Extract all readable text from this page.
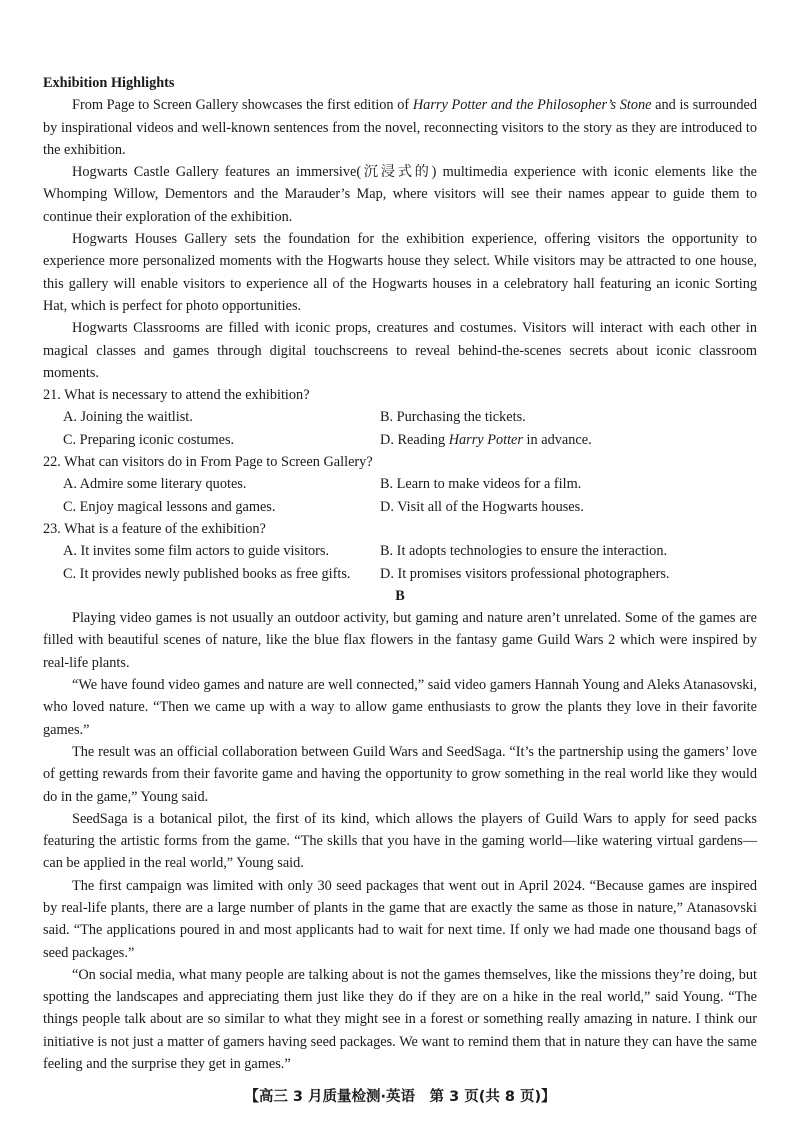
Exhibition Highlights

From Page to Screen Gallery showcases the first edition of Harry Potter and the Philosopher’s Stone and is surrounded by inspirational videos and well-known sentences from the novel, reconnecting visitors to the story as they are introduced to the exhibition.

Hogwarts Castle Gallery features an immersive(沉浸式的) multimedia experience with iconic elements like the Whomping Willow, Dementors and the Marauder’s Map, where visitors will see their names appear to guide them to continue their exploration of the exhibition.

Hogwarts Houses Gallery sets the foundation for the exhibition experience, offering visitors the opportunity to experience more personalized moments with the Hogwarts house they select. While visitors may be attracted to one house, this gallery will enable visitors to experience all of the Hogwarts houses in a celebratory hall featuring an iconic Sorting Hat, which is perfect for photo opportunities.

Hogwarts Classrooms are filled with iconic props, creatures and costumes. Visitors will interact with each other in magical classes and games through digital touchscreens to reveal behind-the-scenes secrets about iconic classroom moments.

21. What is necessary to attend the exhibition?

A. Joining the waitlist.	B. Purchasing the tickets.
C. Preparing iconic costumes.	D. Reading Harry Potter in advance.

22. What can visitors do in From Page to Screen Gallery?

A. Admire some literary quotes.	B. Learn to make videos for a film.
C. Enjoy magical lessons and games.	D. Visit all of the Hogwarts houses.

23. What is a feature of the exhibition?

A. It invites some film actors to guide visitors.	B. It adopts technologies to ensure the interaction.
C. It provides newly published books as free gifts.	D. It promises visitors professional photographers.

B

Playing video games is not usually an outdoor activity, but gaming and nature aren’t unrelated. Some of the games are filled with beautiful scenes of nature, like the blue flax flowers in the fantasy game Guild Wars 2 which were inspired by real-life plants.

“We have found video games and nature are well connected,” said video gamers Hannah Young and Aleks Atanasovski, who loved nature. “Then we came up with a way to allow game enthusiasts to grow the plants they love in their favorite games.”

The result was an official collaboration between Guild Wars and SeedSaga. “It’s the partnership using the gamers’ love of getting rewards from their favorite game and having the opportunity to grow something in the real world like they would do in the game,” Young said.

SeedSaga is a botanical pilot, the first of its kind, which allows the players of Guild Wars to apply for seed packs featuring the artistic forms from the game. “The skills that you have in the gaming world—like watering virtual gardens—can be applied in the real world,” Young said.

The first campaign was limited with only 30 seed packages that went out in April 2024. “Because games are inspired by real-life plants, there are a large number of plants in the game that are exactly the same as those in nature,” Atanasovski said. “The applications poured in and most applicants had to wait for next time. If only we had made one thousand bags of seed packages.”

“On social media, what many people are talking about is not the games themselves, like the missions they’re doing, but spotting the landscapes and appreciating them just like they do if they are on a hike in the real world,” said Young. “The things people talk about are so similar to what they might see in a forest or something really amazing in nature. I think our initiative is not just a matter of gamers having seed packages. We want to remind them that in nature they can have the same feeling and the surprise they get in games.”

【高三 3 月质量检测·英语　第 3 页(共 8 页)】
